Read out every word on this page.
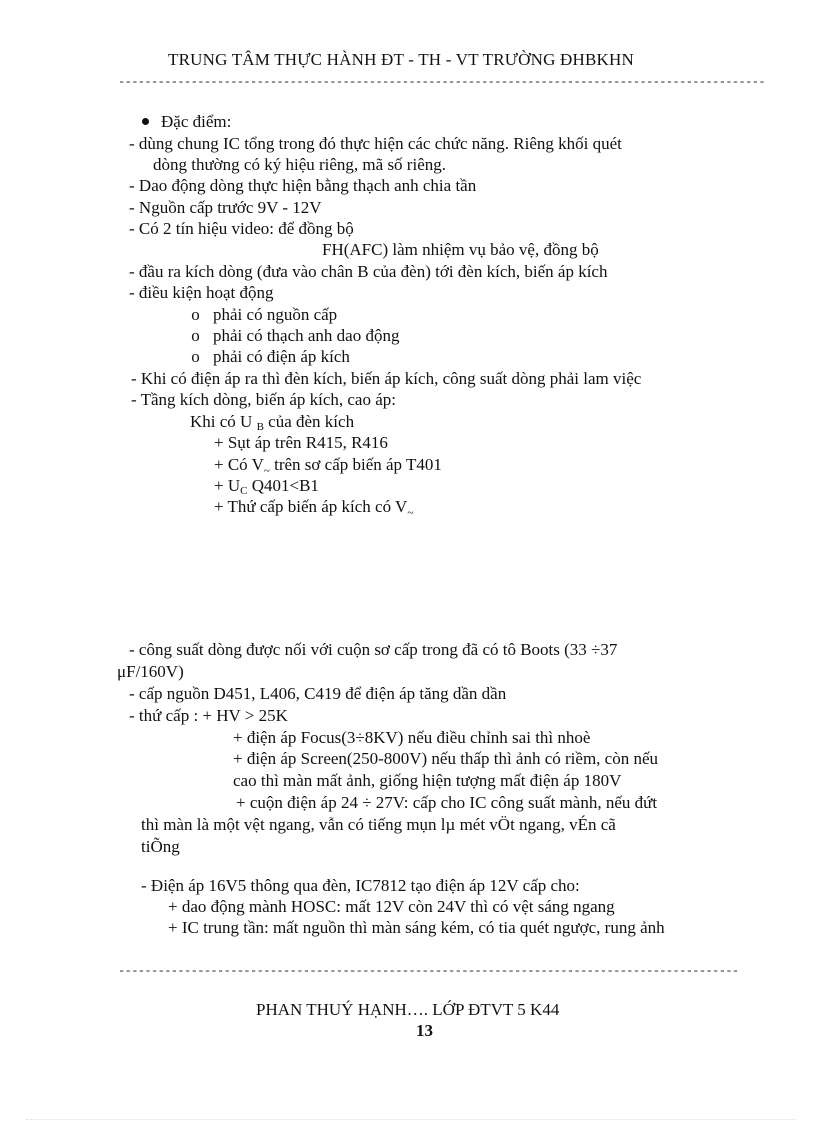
TRUNG TÂM THỰC HÀNH ĐT - TH - VT TRƯỜNG ĐHBKHN
--------------------------------------------------------------------------------------------------
Đặc điểm:
- dùng chung IC tổng trong đó thực hiện các chức năng. Riêng khối quét
dòng thường có ký hiệu riêng, mã số riêng.
- Dao động dòng thực hiện bằng thạch anh chia tần
- Nguồn cấp trước 9V - 12V
- Có 2 tín hiệu video: để đồng bộ
FH(AFC) làm nhiệm vụ bảo vệ, đồng bộ
- đầu ra kích dòng (đưa vào chân B của đèn) tới đèn kích, biến áp kích
- điều kiện hoạt động
o phải có nguồn cấp
o phải có thạch anh dao động
o phải có điện áp kích
- Khi có điện áp ra thì đèn kích, biến áp kích, công suất dòng phải lam việc
- Tầng kích dòng, biến áp kích, cao áp:
Khi có U $_B$ của đèn kích
+ Sụt áp trên R415, R416
+ Có $V_\sim$ trên sơ cấp biến áp T401
+ $U_C$ Q401<B1
+ Thứ cấp biến áp kích có $V_\sim$
- công suất dòng được nối với cuộn sơ cấp trong đã có tô Boots (33 ÷37
μF/160V)
- cấp nguồn D451, L406, C419 để điện áp tăng dần dần
- thứ cấp : + HV > 25K
+ điện áp Focus(3÷8KV) nếu điều chỉnh sai thì nhoè
+ điện áp Screen(250-800V) nếu thấp thì ảnh có riềm, còn nếu
cao thì màn mất ảnh, giống hiện tượng mất điện áp 180V
+ cuộn điện áp 24 ÷ 27V: cấp cho IC công suất mành, nếu đứt
thì màn là một vệt ngang, vẫn có tiếng mụn lµ mét vÖt ngang, vÉn cã
tiÕng
- Điện áp 16V5 thông qua đèn, IC7812 tạo điện áp 12V cấp cho:
+ dao động mành HOSC: mất 12V còn 24V thì có vệt sáng ngang
+ IC trung tần: mất nguồn thì màn sáng kém, có tia quét ngược, rung ảnh
----------------------------------------------------------------------------------------------
PHAN THUÝ HẠNH…. LỚP ĐTVT 5 K44
13
